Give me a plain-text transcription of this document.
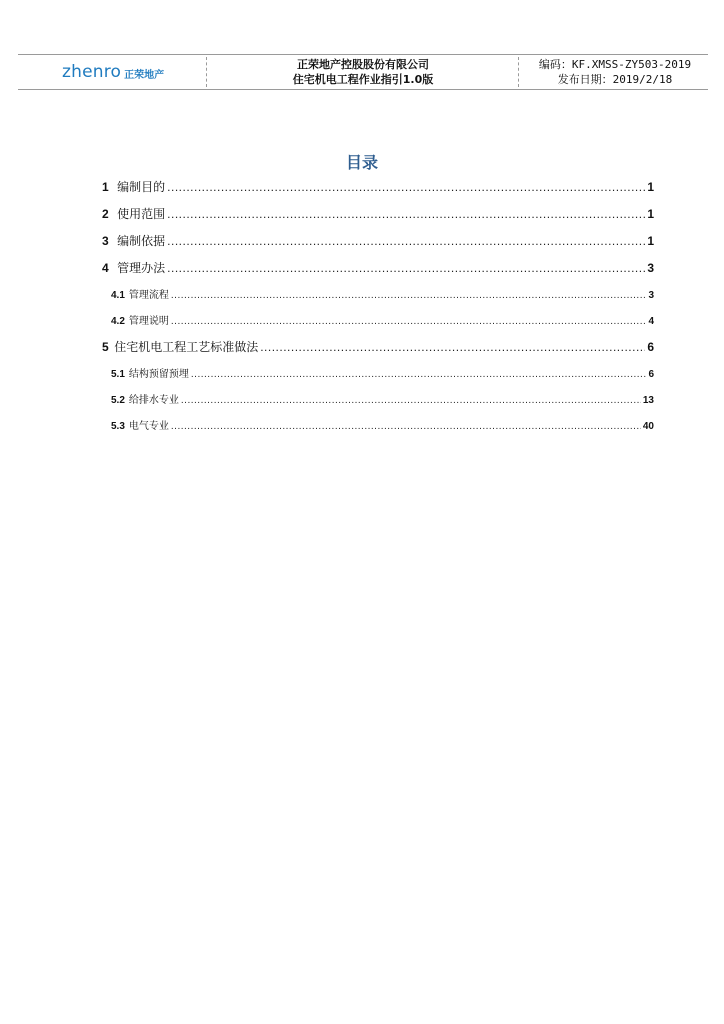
zhenro 正荣地产
正荣地产控股股份有限公司
住宅机电工程作业指引1.0版
编码：KF.XMSS-ZY503-2019
发布日期：2019/2/18
目录
1 编制目的 .....	1
2 使用范围 .....	1
3 编制依据 .....	1
4 管理办法 .....	3
4.1 管理流程 .....	3
4.2 管理说明 .....	4
5 住宅机电工程工艺标准做法 .....	6
5.1 结构预留预埋 .....	6
5.2 给排水专业 .....	13
5.3 电气专业 .....	40
